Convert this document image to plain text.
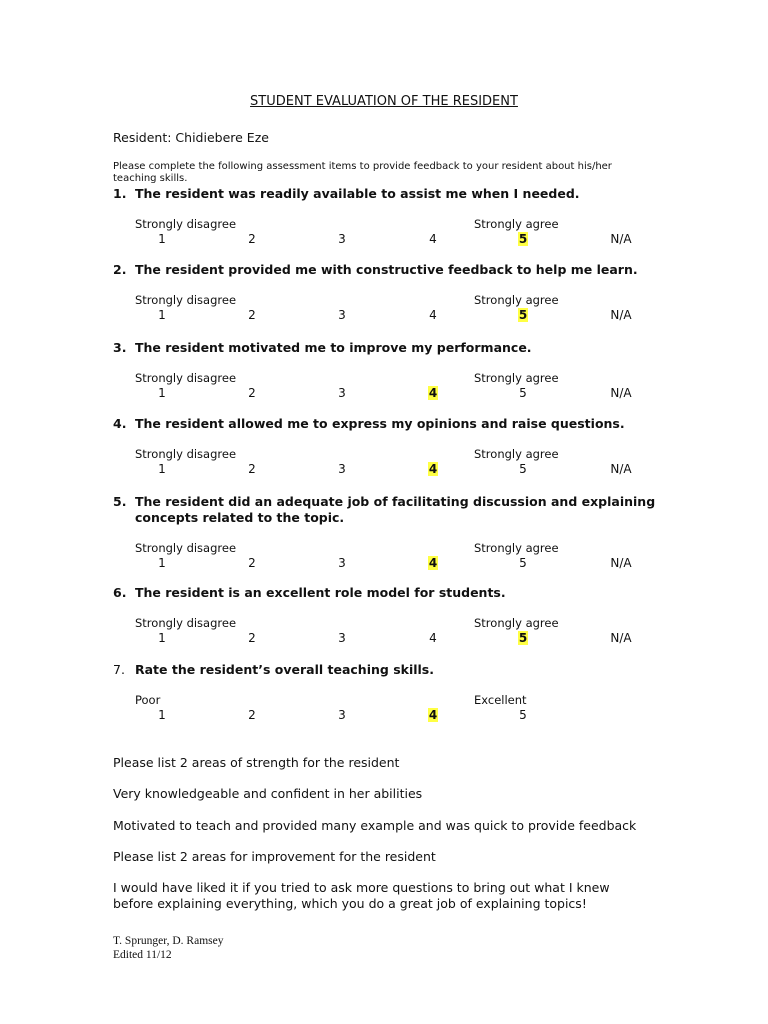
STUDENT EVALUATION OF THE RESIDENT
Resident: Chidiebere Eze
Please complete the following assessment items to provide feedback to your resident about his/her teaching skills.
1. The resident was readily available to assist me when I needed.
Strongly disagree	Strongly agree
1	2	3	4	5	N/A
2. The resident provided me with constructive feedback to help me learn.
Strongly disagree	Strongly agree
1	2	3	4	5	N/A
3. The resident motivated me to improve my performance.
Strongly disagree	Strongly agree
1	2	3	4	5	N/A
4. The resident allowed me to express my opinions and raise questions.
Strongly disagree	Strongly agree
1	2	3	4	5	N/A
5. The resident did an adequate job of facilitating discussion and explaining concepts related to the topic.
Strongly disagree	Strongly agree
1	2	3	4	5	N/A
6. The resident is an excellent role model for students.
Strongly disagree	Strongly agree
1	2	3	4	5	N/A
7. Rate the resident’s overall teaching skills.
Poor	Excellent
1	2	3	4	5
Please list 2 areas of strength for the resident
Very knowledgeable and confident in her abilities
Motivated to teach and provided many example and was quick to provide feedback
Please list 2 areas for improvement for the resident
I would have liked it if you tried to ask more questions to bring out what I knew before explaining everything, which you do a great job of explaining topics!
T. Sprunger, D. Ramsey
Edited 11/12
